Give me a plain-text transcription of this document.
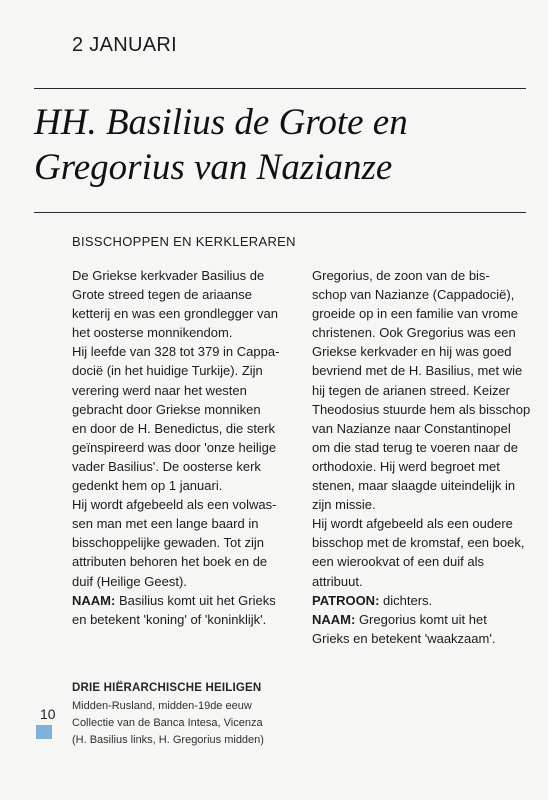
2 JANUARI
HH. Basilius de Grote en
Gregorius van Nazianze
BISSCHOPPEN EN KERKLERAREN
De Griekse kerkvader Basilius de
Grote streed tegen de ariaanse
ketterij en was een grondlegger van
het oosterse monnikendom.
Hij leefde van 328 tot 379 in Cappa-
docië (in het huidige Turkije). Zijn
verering werd naar het westen
gebracht door Griekse monniken
en door de H. Benedictus, die sterk
geïnspireerd was door 'onze heilige
vader Basilius'. De oosterse kerk
gedenkt hem op 1 januari.
Hij wordt afgebeeld als een volwas-
sen man met een lange baard in
bisschoppelijke gewaden. Tot zijn
attributen behoren het boek en de
duif (Heilige Geest).
NAAM: Basilius komt uit het Grieks
en betekent 'koning' of 'koninklijk'.
Gregorius, de zoon van de bis-
schop van Nazianze (Cappadocië),
groeide op in een familie van vrome
christenen. Ook Gregorius was een
Griekse kerkvader en hij was goed
bevriend met de H. Basilius, met wie
hij tegen de arianen streed. Keizer
Theodosius stuurde hem als bisschop
van Nazianze naar Constantinopel
om die stad terug te voeren naar de
orthodoxie. Hij werd begroet met
stenen, maar slaagde uiteindelijk in
zijn missie.
Hij wordt afgebeeld als een oudere
bisschop met de kromstaf, een boek,
een wierookvat of een duif als
attribuut.
PATROON: dichters.
NAAM: Gregorius komt uit het
Grieks en betekent 'waakzaam'.
DRIE HIËRARCHISCHE HEILIGEN
Midden-Rusland, midden-19de eeuw
Collectie van de Banca Intesa, Vicenza
(H. Basilius links, H. Gregorius midden)
10
